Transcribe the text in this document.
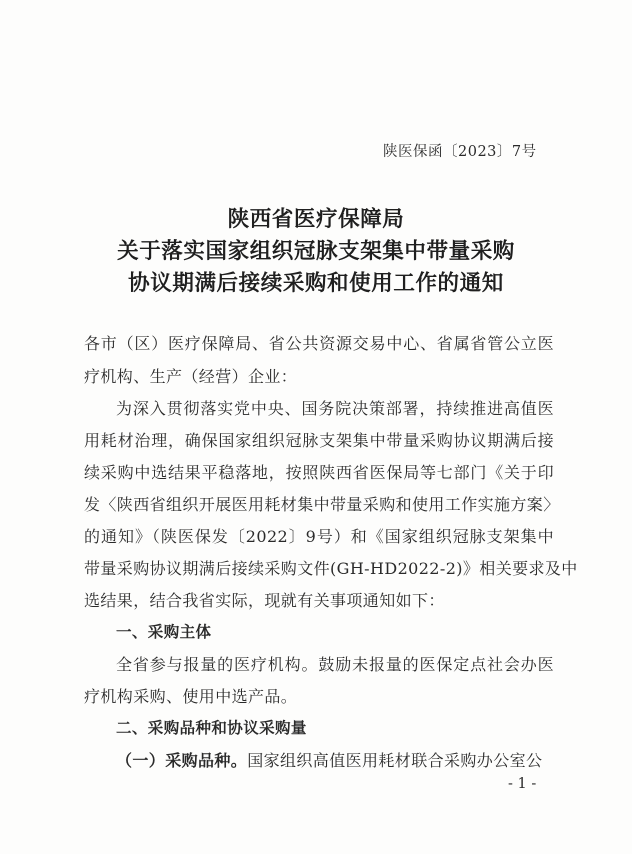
陕医保函〔2023〕7号
陕西省医疗保障局
关于落实国家组织冠脉支架集中带量采购
协议期满后接续采购和使用工作的通知
各市（区）医疗保障局、省公共资源交易中心、省属省管公立医
疗机构、生产（经营）企业：
为深入贯彻落实党中央、国务院决策部署，持续推进高值医
用耗材治理，确保国家组织冠脉支架集中带量采购协议期满后接
续采购中选结果平稳落地，按照陕西省医保局等七部门《关于印
发〈陕西省组织开展医用耗材集中带量采购和使用工作实施方案〉
的通知》（陕医保发〔2022〕9号）和《国家组织冠脉支架集中
带量采购协议期满后接续采购文件(GH-HD2022-2)》相关要求及中
选结果，结合我省实际，现就有关事项通知如下：
一、采购主体
全省参与报量的医疗机构。鼓励未报量的医保定点社会办医
疗机构采购、使用中选产品。
二、采购品种和协议采购量
（一）采购品种。国家组织高值医用耗材联合采购办公室公
- 1 -
